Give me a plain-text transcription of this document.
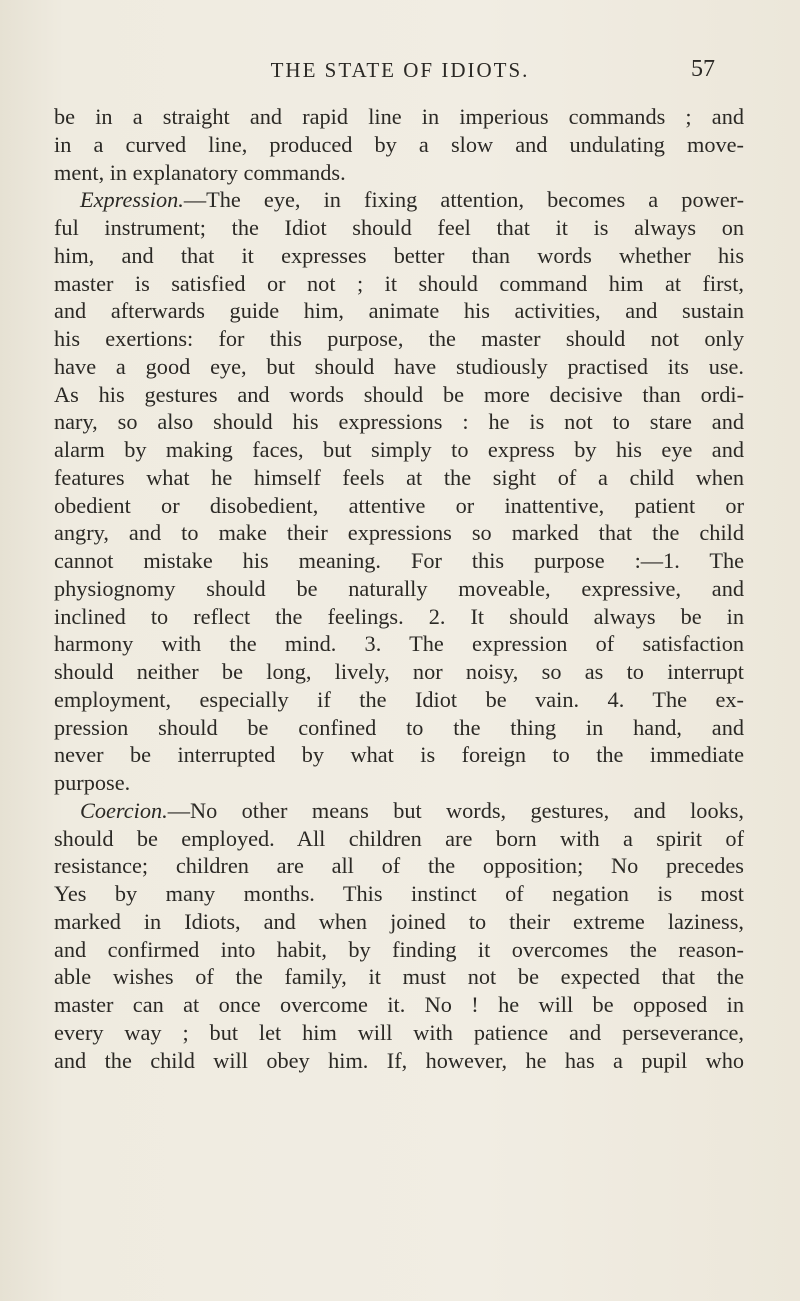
THE STATE OF IDIOTS.	57
be in a straight and rapid line in imperious commands ; and
in a curved line, produced by a slow and undulating move-
ment, in explanatory commands.
Expression.—The eye, in fixing attention, becomes a power-
ful instrument; the Idiot should feel that it is always on
him, and that it expresses better than words whether his
master is satisfied or not ; it should command him at first,
and afterwards guide him, animate his activities, and sustain
his exertions: for this purpose, the master should not only
have a good eye, but should have studiously practised its use.
As his gestures and words should be more decisive than ordi-
nary, so also should his expressions : he is not to stare and
alarm by making faces, but simply to express by his eye and
features what he himself feels at the sight of a child when
obedient or disobedient, attentive or inattentive, patient or
angry, and to make their expressions so marked that the child
cannot mistake his meaning. For this purpose :—1. The
physiognomy should be naturally moveable, expressive, and
inclined to reflect the feelings. 2. It should always be in
harmony with the mind. 3. The expression of satisfaction
should neither be long, lively, nor noisy, so as to interrupt
employment, especially if the Idiot be vain. 4. The ex-
pression should be confined to the thing in hand, and
never be interrupted by what is foreign to the immediate
purpose.
Coercion.—No other means but words, gestures, and looks,
should be employed. All children are born with a spirit of
resistance; children are all of the opposition; No precedes
Yes by many months. This instinct of negation is most
marked in Idiots, and when joined to their extreme laziness,
and confirmed into habit, by finding it overcomes the reason-
able wishes of the family, it must not be expected that the
master can at once overcome it. No ! he will be opposed in
every way ; but let him will with patience and perseverance,
and the child will obey him. If, however, he has a pupil who
